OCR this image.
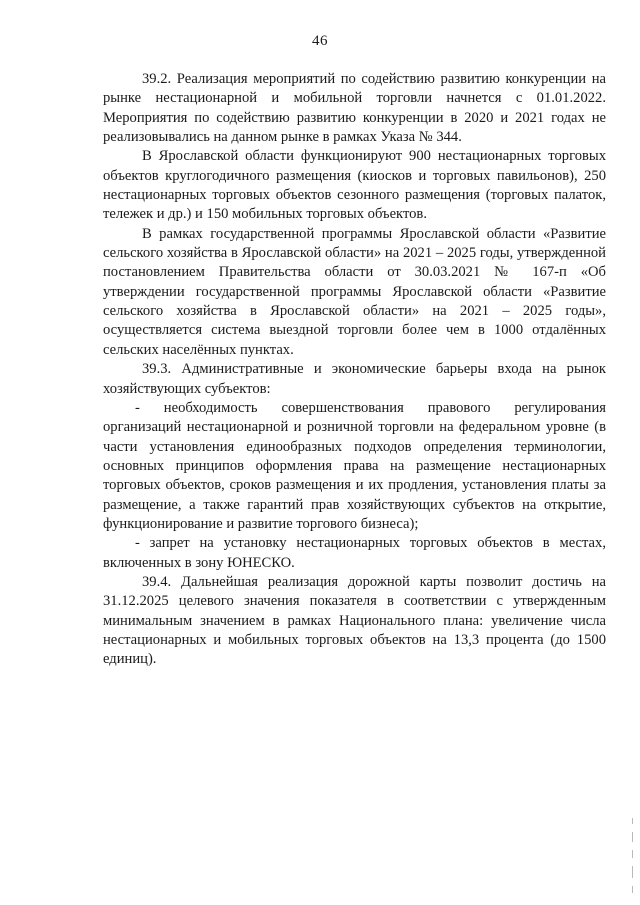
46

39.2. Реализация мероприятий по содействию развитию конкуренции на рынке нестационарной и мобильной торговли начнется с 01.01.2022. Мероприятия по содействию развитию конкуренции в 2020 и 2021 годах не реализовывались на данном рынке в рамках Указа № 344.

В Ярославской области функционируют 900 нестационарных торговых объектов круглогодичного размещения (киосков и торговых павильонов), 250 нестационарных торговых объектов сезонного размещения (торговых палаток, тележек и др.) и 150 мобильных торговых объектов.

В рамках государственной программы Ярославской области «Развитие сельского хозяйства в Ярославской области» на 2021 – 2025 годы, утвержденной постановлением Правительства области от 30.03.2021 № 167-п «Об утверждении государственной программы Ярославской области «Развитие сельского хозяйства в Ярославской области» на 2021 – 2025 годы», осуществляется система выездной торговли более чем в 1000 отдалённых сельских населённых пунктах.

39.3. Административные и экономические барьеры входа на рынок хозяйствующих субъектов:

- необходимость совершенствования правового регулирования организаций нестационарной и розничной торговли на федеральном уровне (в части установления единообразных подходов определения терминологии, основных принципов оформления права на размещение нестационарных торговых объектов, сроков размещения и их продления, установления платы за размещение, а также гарантий прав хозяйствующих субъектов на открытие, функционирование и развитие торгового бизнеса);

- запрет на установку нестационарных торговых объектов в местах, включенных в зону ЮНЕСКО.

39.4. Дальнейшая реализация дорожной карты позволит достичь на 31.12.2025 целевого значения показателя в соответствии с утвержденным минимальным значением в рамках Национального плана: увеличение числа нестационарных и мобильных торговых объектов на 13,3 процента (до 1500 единиц).
